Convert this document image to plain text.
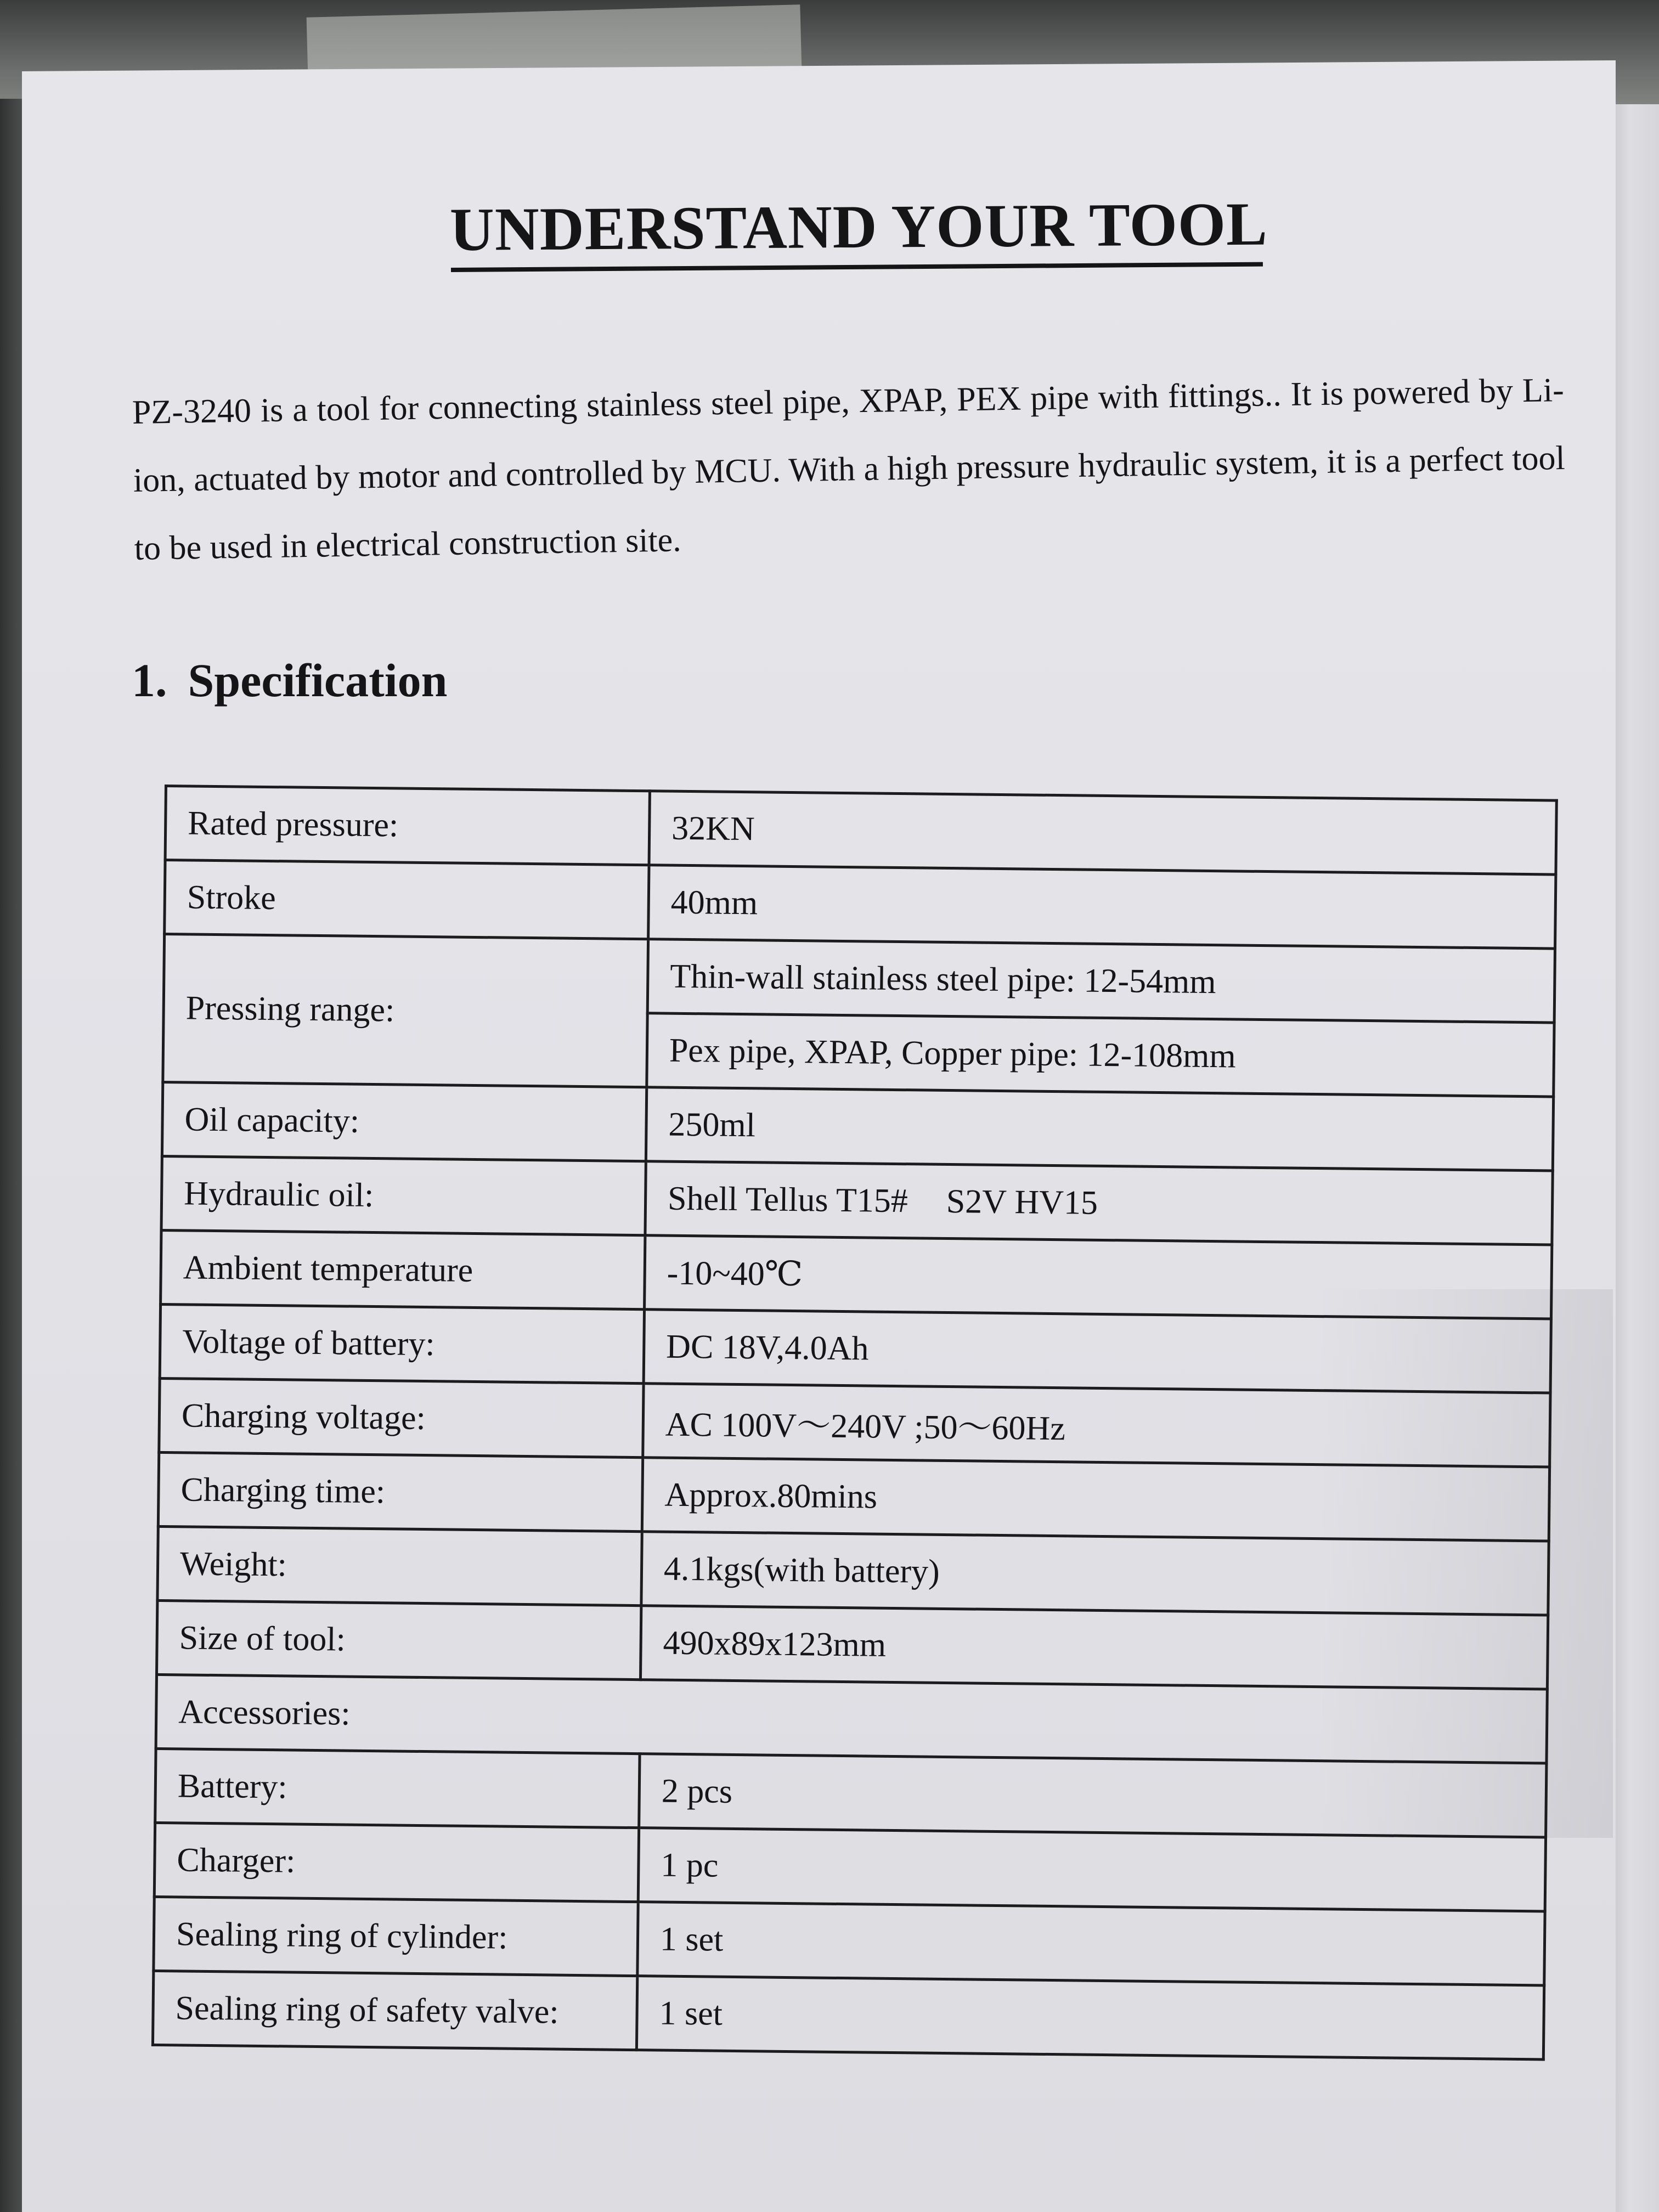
UNDERSTAND YOUR TOOL
PZ-3240 is a tool for connecting stainless steel pipe, XPAP, PEX pipe with fittings.. It is powered by Li-ion, actuated by motor and controlled by MCU. With a high pressure hydraulic system, it is a perfect tool to be used in electrical construction site.
1. Specification
Rated pressure:	32KN
Stroke	40mm
Pressing range:	Thin-wall stainless steel pipe: 12-54mm
	Pex pipe, XPAP, Copper pipe: 12-108mm
Oil capacity:	250ml
Hydraulic oil:	Shell Tellus T15# S2V HV15
Ambient temperature	-10~40℃
Voltage of battery:	DC 18V,4.0Ah
Charging voltage:	AC 100V～240V ;50～60Hz
Charging time:	Approx.80mins
Weight:	4.1kgs(with battery)
Size of tool:	490x89x123mm
Accessories:	
Battery:	2 pcs
Charger:	1 pc
Sealing ring of cylinder:	1 set
Sealing ring of safety valve:	1 set
